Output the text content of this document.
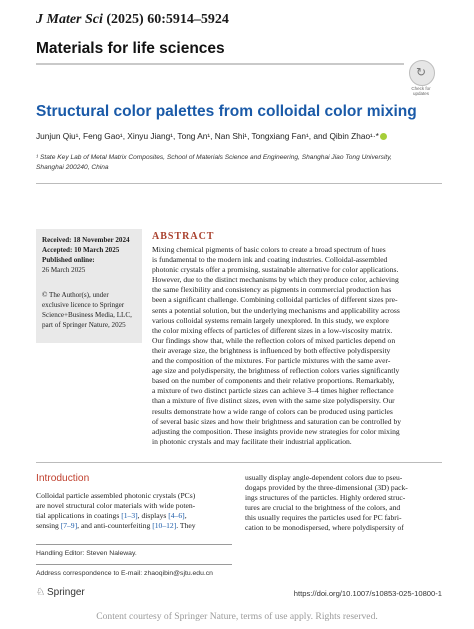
J Mater Sci (2025) 60:5914–5924
Materials for life sciences
↻
Check for updates
Structural color palettes from colloidal color mixing
Junjun Qiu¹, Feng Gao¹, Xinyu Jiang¹, Tong An¹, Nan Shi¹, Tongxiang Fan¹, and Qibin Zhao¹·*
¹ State Key Lab of Metal Matrix Composites, School of Materials Science and Engineering, Shanghai Jiao Tong University,
Shanghai 200240, China
Received: 18 November 2024
Accepted: 10 March 2025
Published online:
26 March 2025
© The Author(s), under
exclusive licence to Springer
Science+Business Media, LLC,
part of Springer Nature, 2025
ABSTRACT
Mixing chemical pigments of basic colors to create a broad spectrum of hues
is fundamental to the modern ink and coating industries. Colloidal-assembled
photonic crystals offer a promising, sustainable alternative for color applications.
However, due to the distinct mechanisms by which they produce color, achieving
the same flexibility and consistency as pigments in commercial production has
been a significant challenge. Combining colloidal particles of different sizes pre-
sents a potential solution, but the underlying mechanisms and applicability across
various colloidal systems remain largely unexplored. In this study, we explore
the color mixing effects of particles of different sizes in a low-viscosity matrix.
Our findings show that, while the reflection colors of mixed particles depend on
their average size, the brightness is influenced by both effective polydispersity
and the composition of the mixtures. For particle mixtures with the same aver-
age size and polydispersity, the brightness of reflection colors varies significantly
based on the number of components and their relative proportions. Remarkably,
a mixture of two distinct particle sizes can achieve 3–4 times higher reflectance
than a mixture of five distinct sizes, even with the same size polydispersity. Our
results demonstrate how a wide range of colors can be produced using particles
of several basic sizes and how their brightness and saturation can be controlled by
adjusting the composition. These insights provide new strategies for color mixing
in photonic crystals and may facilitate their industrial application.
Introduction
Colloidal particle assembled photonic crystals (PCs)
are novel structural color materials with wide poten-
tial applications in coatings [1–3], displays [4–6],
sensing [7–9], and anti-counterfeiting [10–12]. They
usually display angle-dependent colors due to pseu-
dogaps provided by the three-dimensional (3D) pack-
ings structures of the particles. Highly ordered struc-
tures are crucial to the brightness of the colors, and
this usually requires the particles used for PC fabri-
cation to be monodispersed, where polydispersity of
Handling Editor: Steven Naleway.
Address correspondence to E-mail: zhaoqibin@sjtu.edu.cn
♘ Springer	https://doi.org/10.1007/s10853-025-10800-1
Content courtesy of Springer Nature, terms of use apply. Rights reserved.
